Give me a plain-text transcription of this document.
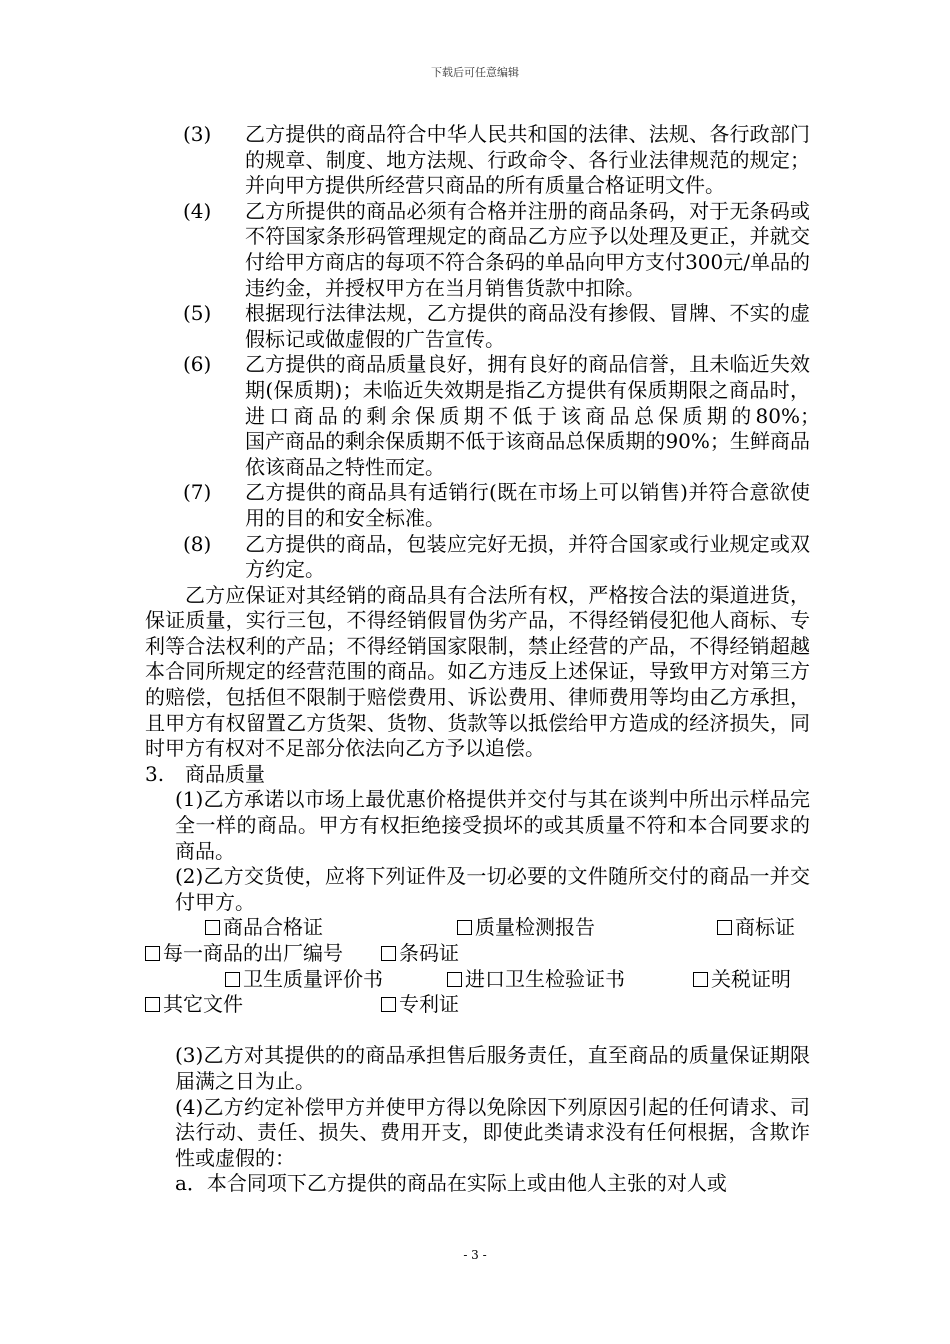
下载后可任意编辑
(3)	乙方提供的商品符合中华人民共和国的法律、法规、各行政部门的规章、制度、地方法规、行政命令、各行业法律规范的规定；并向甲方提供所经营只商品的所有质量合格证明文件。
(4)	乙方所提供的商品必须有合格并注册的商品条码，对于无条码或不符国家条形码管理规定的商品乙方应予以处理及更正，并就交付给甲方商店的每项不符合条码的单品向甲方支付300元/单品的违约金，并授权甲方在当月销售货款中扣除。
(5)	根据现行法律法规，乙方提供的商品没有掺假、冒牌、不实的虚假标记或做虚假的广告宣传。
(6)	乙方提供的商品质量良好，拥有良好的商品信誉，且未临近失效期(保质期)；未临近失效期是指乙方提供有保质期限之商品时，进口商品的剩余保质期不低于该商品总保质期的80%；　　　　国产商品的剩余保质期不低于该商品总保质期的90%；生鲜商品依该商品之特性而定。
(7)	乙方提供的商品具有适销行(既在市场上可以销售)并符合意欲使用的目的和安全标准。
(8)	乙方提供的商品，包装应完好无损，并符合国家或行业规定或双方约定。
乙方应保证对其经销的商品具有合法所有权，严格按合法的渠道进货，保证质量，实行三包，不得经销假冒伪劣产品，不得经销侵犯他人商标、专利等合法权利的产品；不得经销国家限制，禁止经营的产品，不得经销超越本合同所规定的经营范围的商品。如乙方违反上述保证，导致甲方对第三方的赔偿，包括但不限制于赔偿费用、诉讼费用、律师费用等均由乙方承担，且甲方有权留置乙方货架、货物、货款等以抵偿给甲方造成的经济损失，同时甲方有权对不足部分依法向乙方予以追偿。
3.	商品质量
(1)乙方承诺以市场上最优惠价格提供并交付与其在谈判中所出示样品完全一样的商品。甲方有权拒绝接受损坏的或其质量不符和本合同要求的商品。
(2)乙方交货使，应将下列证件及一切必要的文件随所交付的商品一并交付甲方。
商品合格证	质量检测报告	商标证
每一商品的出厂编号	条码证
卫生质量评价书	进口卫生检验证书	关税证明
其它文件	专利证
(3)乙方对其提供的的商品承担售后服务责任，直至商品的质量保证期限届满之日为止。
(4)乙方约定补偿甲方并使甲方得以免除因下列原因引起的任何请求、司法行动、责任、损失、费用开支，即使此类请求没有任何根据，含欺诈性或虚假的：
a．本合同项下乙方提供的商品在实际上或由他人主张的对人或
- 3 -
